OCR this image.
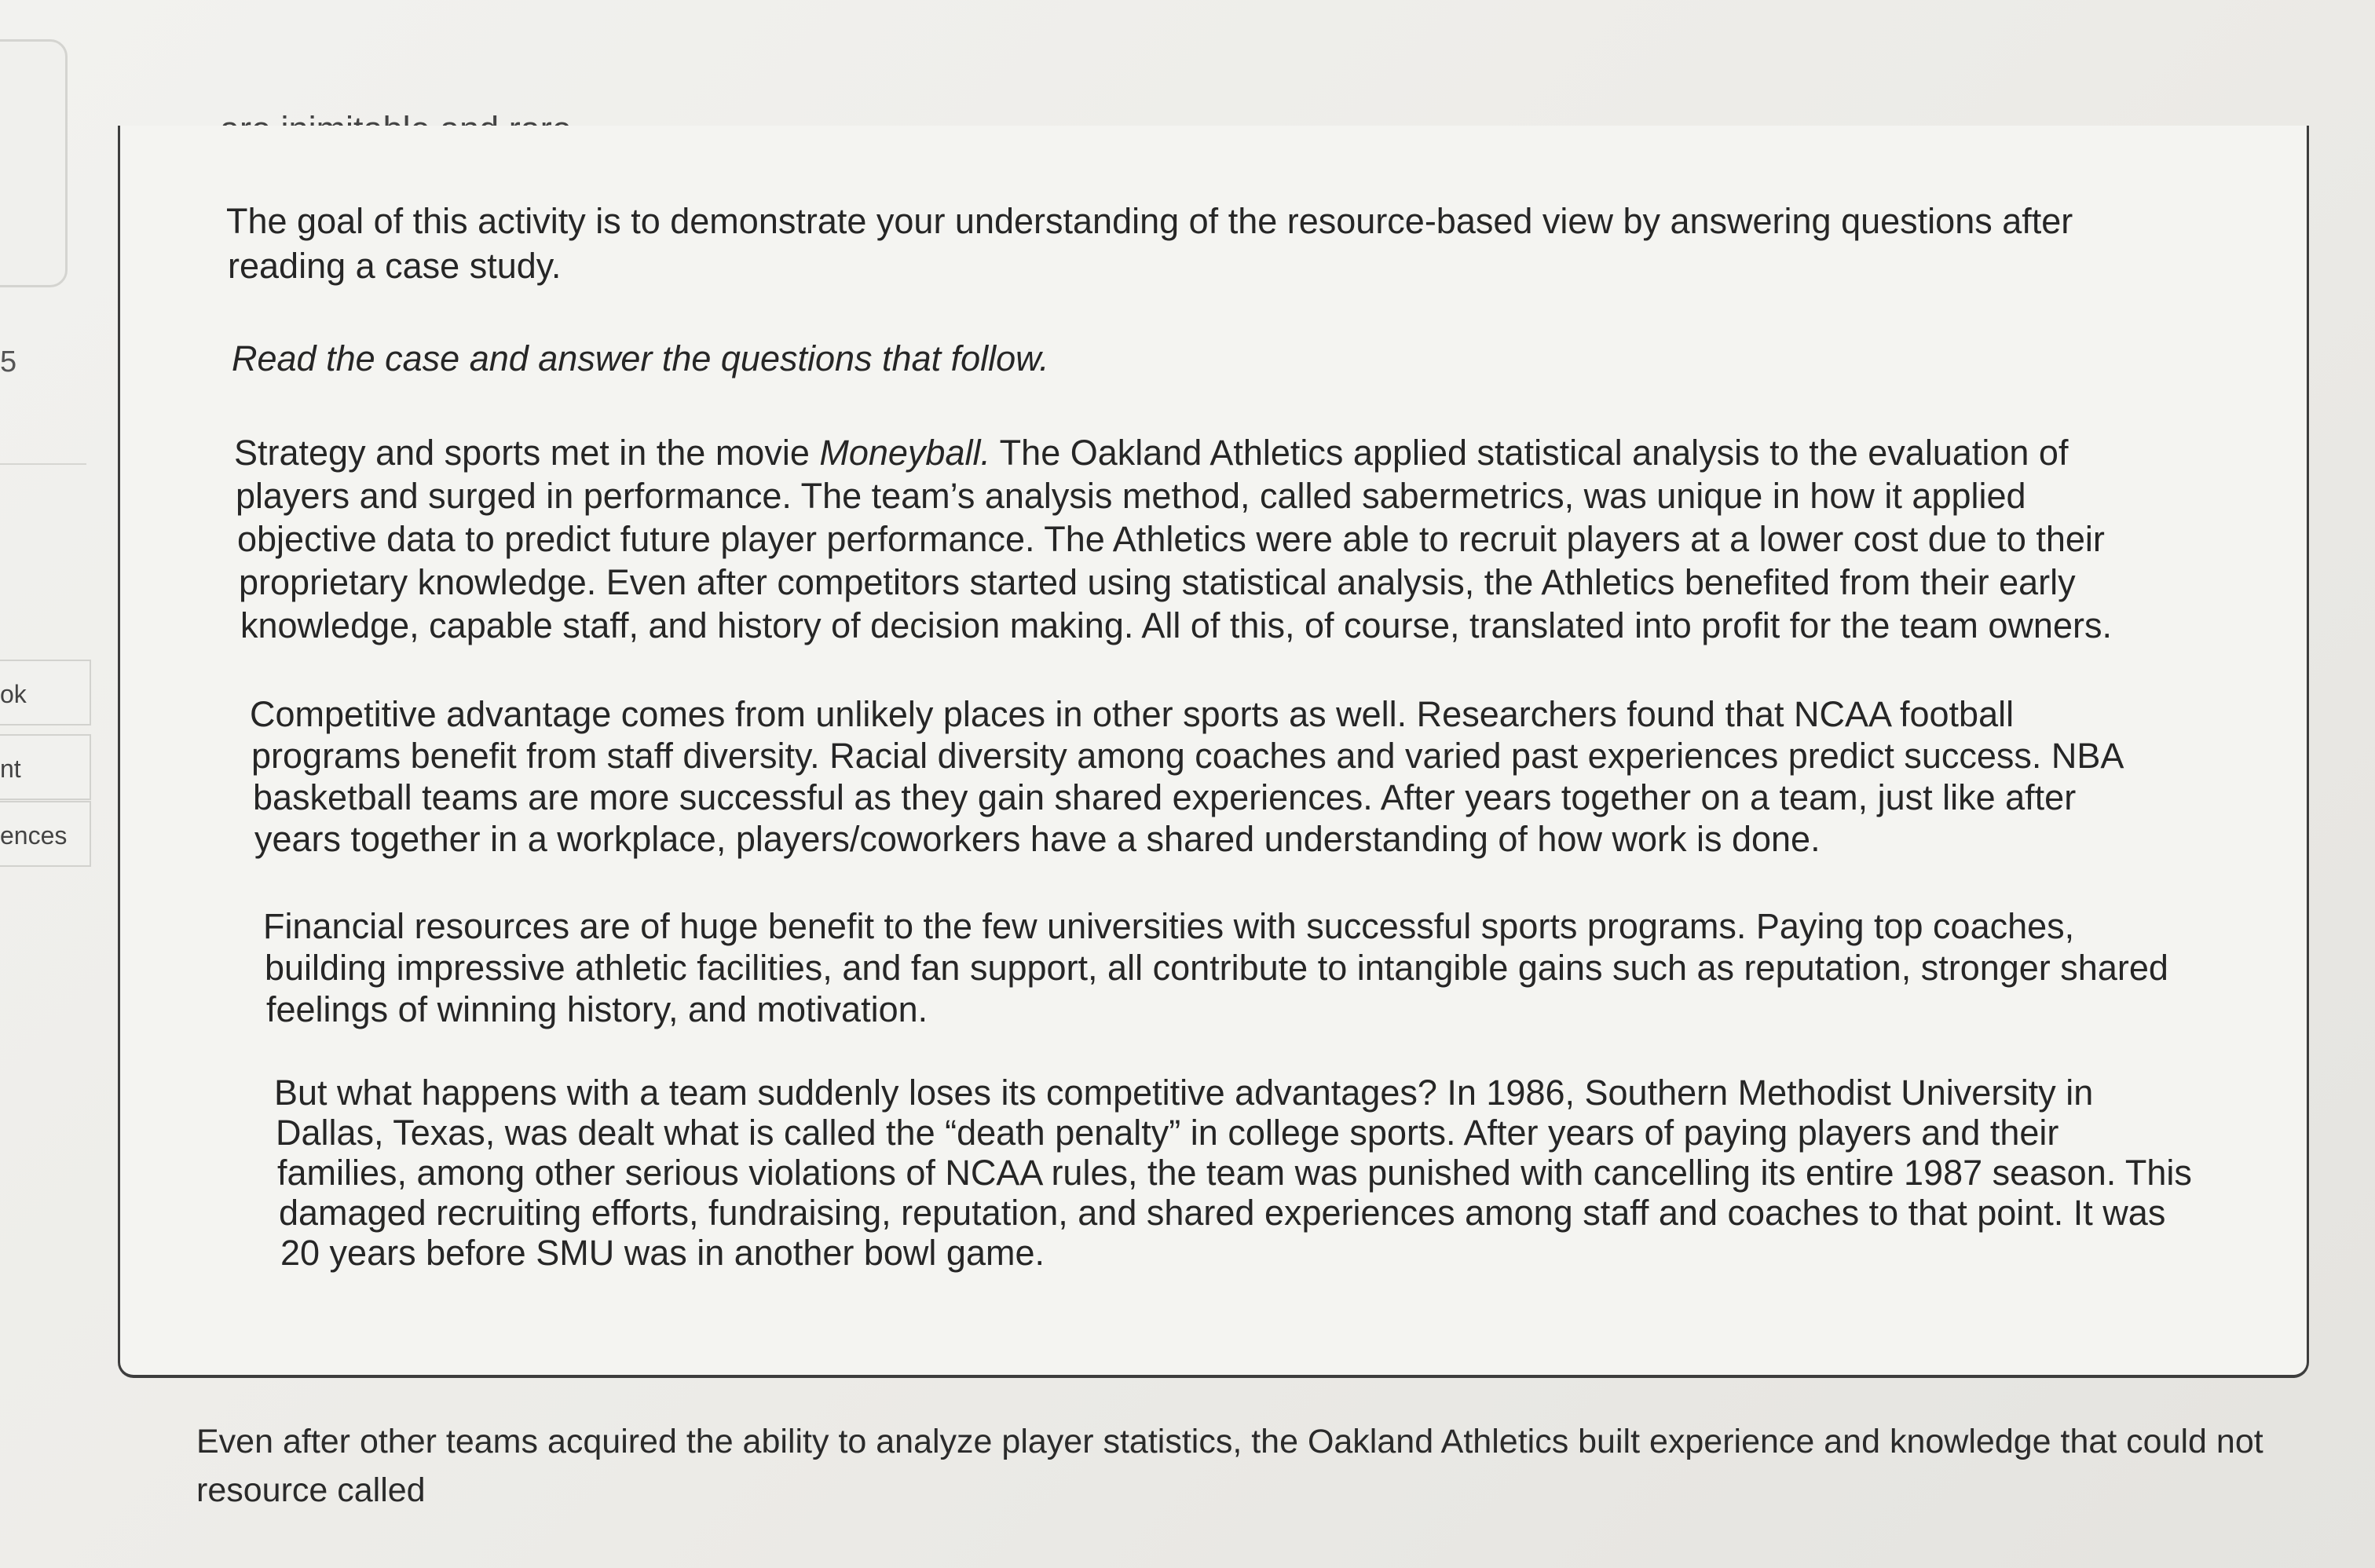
5
ok
nt
ences
The goal of this activity is to demonstrate your understanding of the resource-based view by answering questions after
reading a case study.
Read the case and answer the questions that follow.
Strategy and sports met in the movie Moneyball. The Oakland Athletics applied statistical analysis to the evaluation of
players and surged in performance. The team’s analysis method, called sabermetrics, was unique in how it applied
objective data to predict future player performance. The Athletics were able to recruit players at a lower cost due to their
proprietary knowledge. Even after competitors started using statistical analysis, the Athletics benefited from their early
knowledge, capable staff, and history of decision making. All of this, of course, translated into profit for the team owners.
Competitive advantage comes from unlikely places in other sports as well. Researchers found that NCAA football
programs benefit from staff diversity. Racial diversity among coaches and varied past experiences predict success. NBA
basketball teams are more successful as they gain shared experiences. After years together on a team, just like after
years together in a workplace, players/coworkers have a shared understanding of how work is done.
Financial resources are of huge benefit to the few universities with successful sports programs. Paying top coaches,
building impressive athletic facilities, and fan support, all contribute to intangible gains such as reputation, stronger shared
feelings of winning history, and motivation.
But what happens with a team suddenly loses its competitive advantages? In 1986, Southern Methodist University in
Dallas, Texas, was dealt what is called the “death penalty” in college sports. After years of paying players and their
families, among other serious violations of NCAA rules, the team was punished with cancelling its entire 1987 season. This
damaged recruiting efforts, fundraising, reputation, and shared experiences among staff and coaches to that point. It was
20 years before SMU was in another bowl game.
Even after other teams acquired the ability to analyze player statistics, the Oakland Athletics built experience and knowledge that could not
resource called
